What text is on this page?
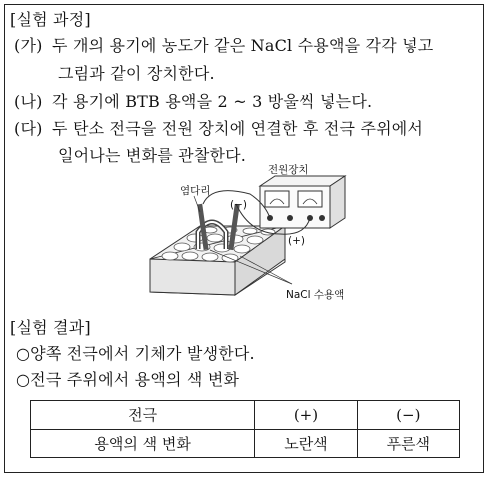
[실험 과정]
(가) 두 개의 용기에 농도가 같은 NaCl 수용액을 각각 넣고
그림과 같이 장치한다.
(나) 각 용기에 BTB 용액을 2 ~ 3 방울씩 넣는다.
(다) 두 탄소 전극을 전원 장치에 연결한 후 전극 주위에서
일어나는 변화를 관찰한다.
전원장치
염다리
(−)
(+)
NaCl 수용액
[실험 결과]
○양쪽 전극에서 기체가 발생한다.
○전극 주위에서 용액의 색 변화
전극	(+)	(−)
용액의 색 변화	노란색	푸른색
